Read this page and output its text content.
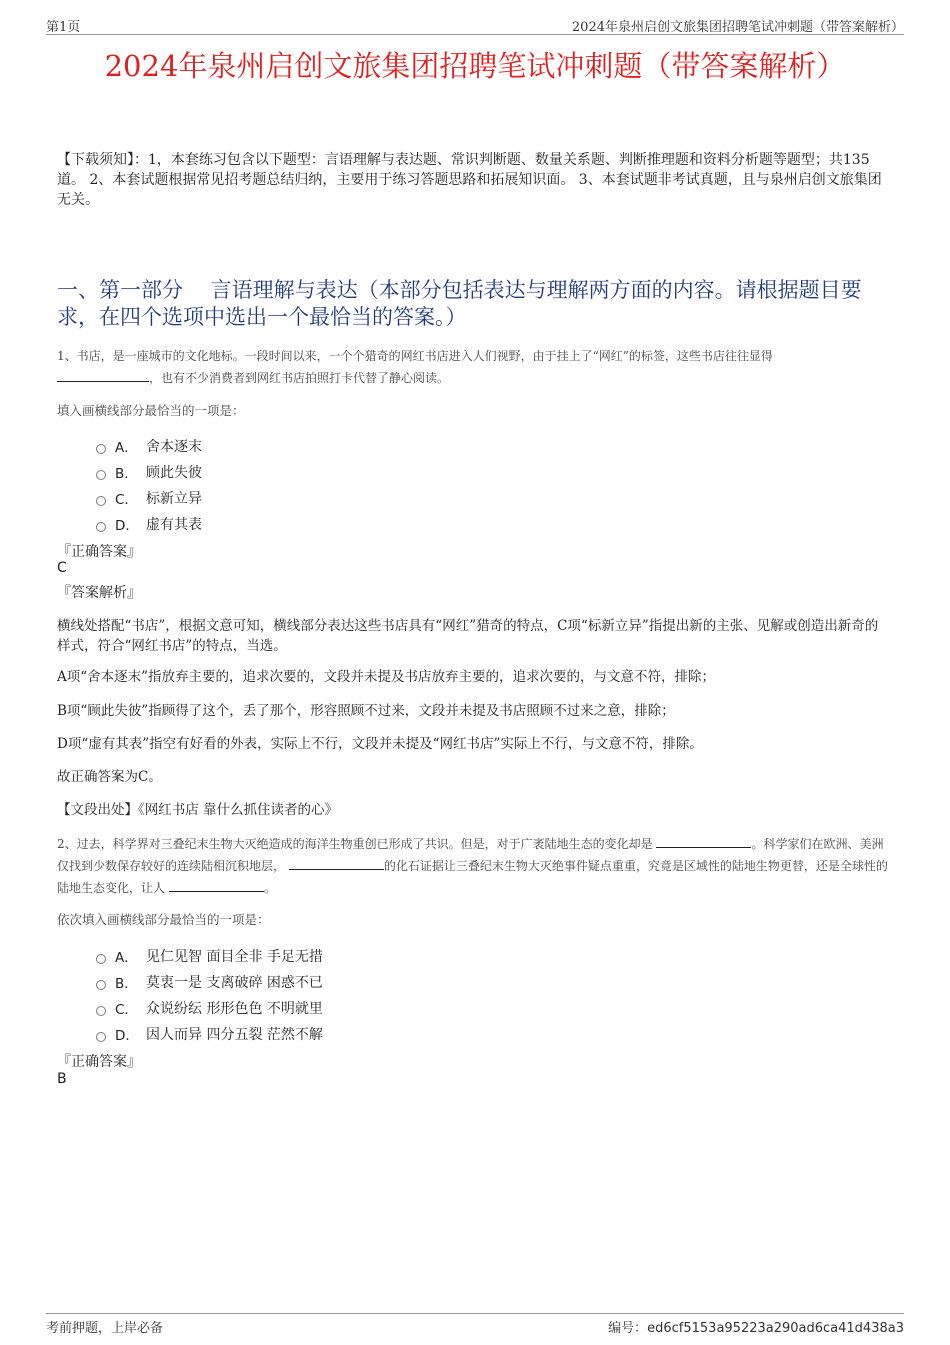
第1页	2024年泉州启创文旅集团招聘笔试冲刺题（带答案解析）
2024年泉州启创文旅集团招聘笔试冲刺题（带答案解析）
【下载须知】：1，本套练习包含以下题型：言语理解与表达题、常识判断题、数量关系题、判断推理题和资料分析题等题型；共135道。 2、本套试题根据常见招考题总结归纳，主要用于练习答题思路和拓展知识面。 3、本套试题非考试真题，且与泉州启创文旅集团无关。
一、第一部分　 言语理解与表达（本部分包括表达与理解两方面的内容。请根据题目要求，在四个选项中选出一个最恰当的答案。）
1、书店，是一座城市的文化地标。一段时间以来，一个个猎奇的网红书店进入人们视野，由于挂上了“网红”的标签，这些书店往往显得
，也有不少消费者到网红书店拍照打卡代替了静心阅读。
填入画横线部分最恰当的一项是：
A． 舍本逐末
B． 顾此失彼
C． 标新立异
D． 虚有其表
『正确答案』
C
『答案解析』
横线处搭配“书店”，根据文意可知，横线部分表达这些书店具有“网红”猎奇的特点，C项“标新立异”指提出新的主张、见解或创造出新奇的样式，符合“网红书店”的特点，当选。
A项“舍本逐末”指放弃主要的，追求次要的，文段并未提及书店放弃主要的，追求次要的，与文意不符，排除；
B项“顾此失彼”指顾得了这个，丢了那个，形容照顾不过来，文段并未提及书店照顾不过来之意，排除；
D项“虚有其表”指空有好看的外表，实际上不行，文段并未提及“网红书店”实际上不行，与文意不符，排除。
故正确答案为C。
【文段出处】《网红书店 靠什么抓住读者的心》
2、过去，科学界对三叠纪末生物大灭绝造成的海洋生物重创已形成了共识。但是，对于广袤陆地生态的变化却是	。科学家们在欧洲、美洲仅找到少数保存较好的连续陆相沉积地层，	的化石证据让三叠纪末生物大灭绝事件疑点重重，究竟是区域性的陆地生物更替，还是全球性的陆地生态变化，让人	。
依次填入画横线部分最恰当的一项是：
A． 见仁见智 面目全非 手足无措
B． 莫衷一是 支离破碎 困惑不已
C． 众说纷纭 形形色色 不明就里
D． 因人而异 四分五裂 茫然不解
『正确答案』
B
考前押题，上岸必备	编号：ed6cf5153a95223a290ad6ca41d438a3
